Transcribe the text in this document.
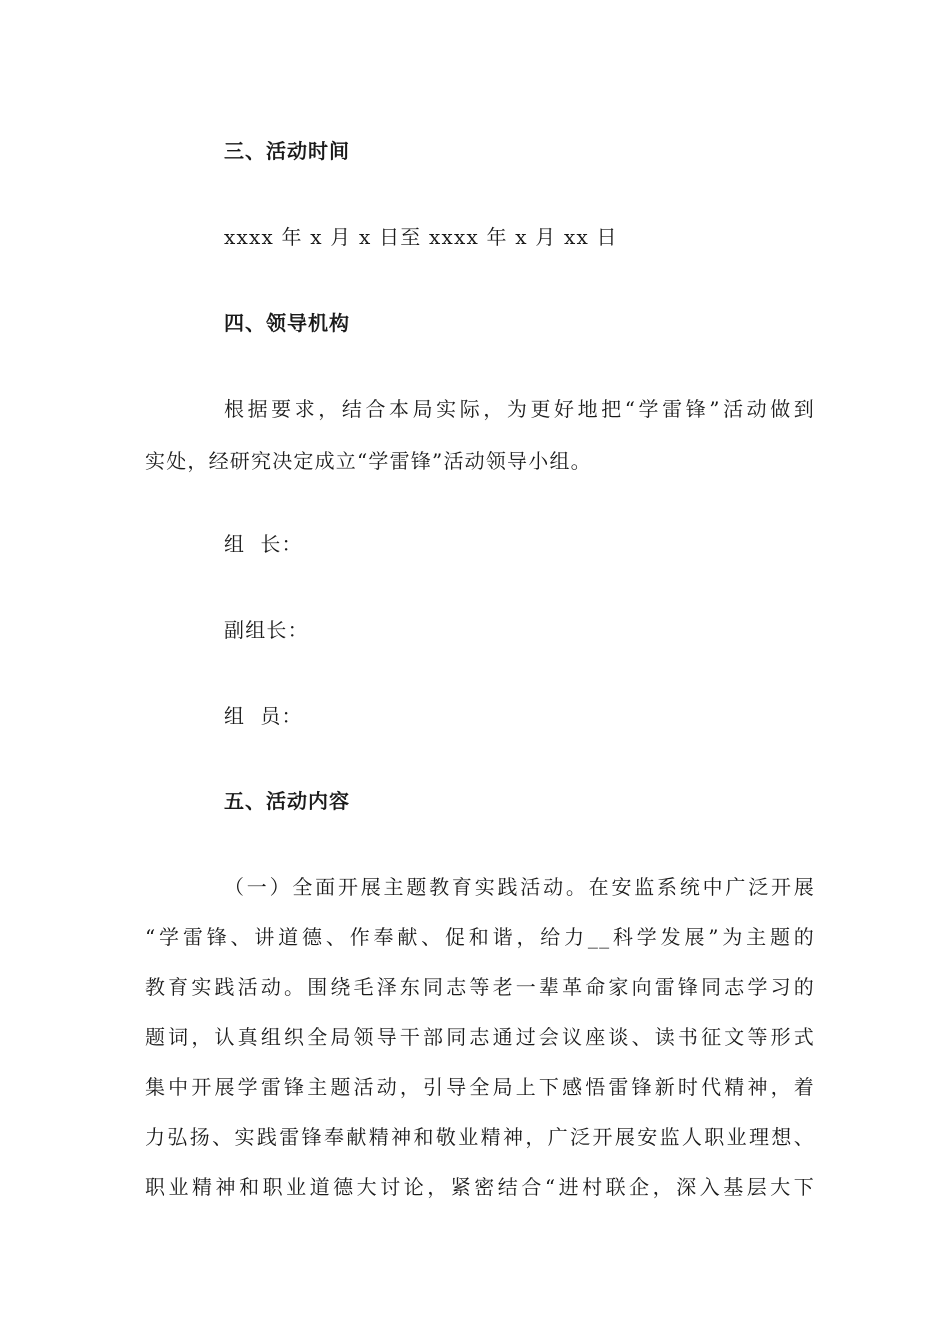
三、活动时间
xxxx 年 x 月 x 日至 xxxx 年 x 月 xx 日
四、领导机构
根据要求，结合本局实际，为更好地把“学雷锋”活动做到
实处，经研究决定成立“学雷锋”活动领导小组。
组  长：
副组长：
组  员：
五、活动内容
（一）全面开展主题教育实践活动。在安监系统中广泛开展
“学雷锋、讲道德、作奉献、促和谐，给力__科学发展”为主题的
教育实践活动。围绕毛泽东同志等老一辈革命家向雷锋同志学习的
题词，认真组织全局领导干部同志通过会议座谈、读书征文等形式
集中开展学雷锋主题活动，引导全局上下感悟雷锋新时代精神，着
力弘扬、实践雷锋奉献精神和敬业精神，广泛开展安监人职业理想、
职业精神和职业道德大讨论，紧密结合“进村联企，深入基层大下
